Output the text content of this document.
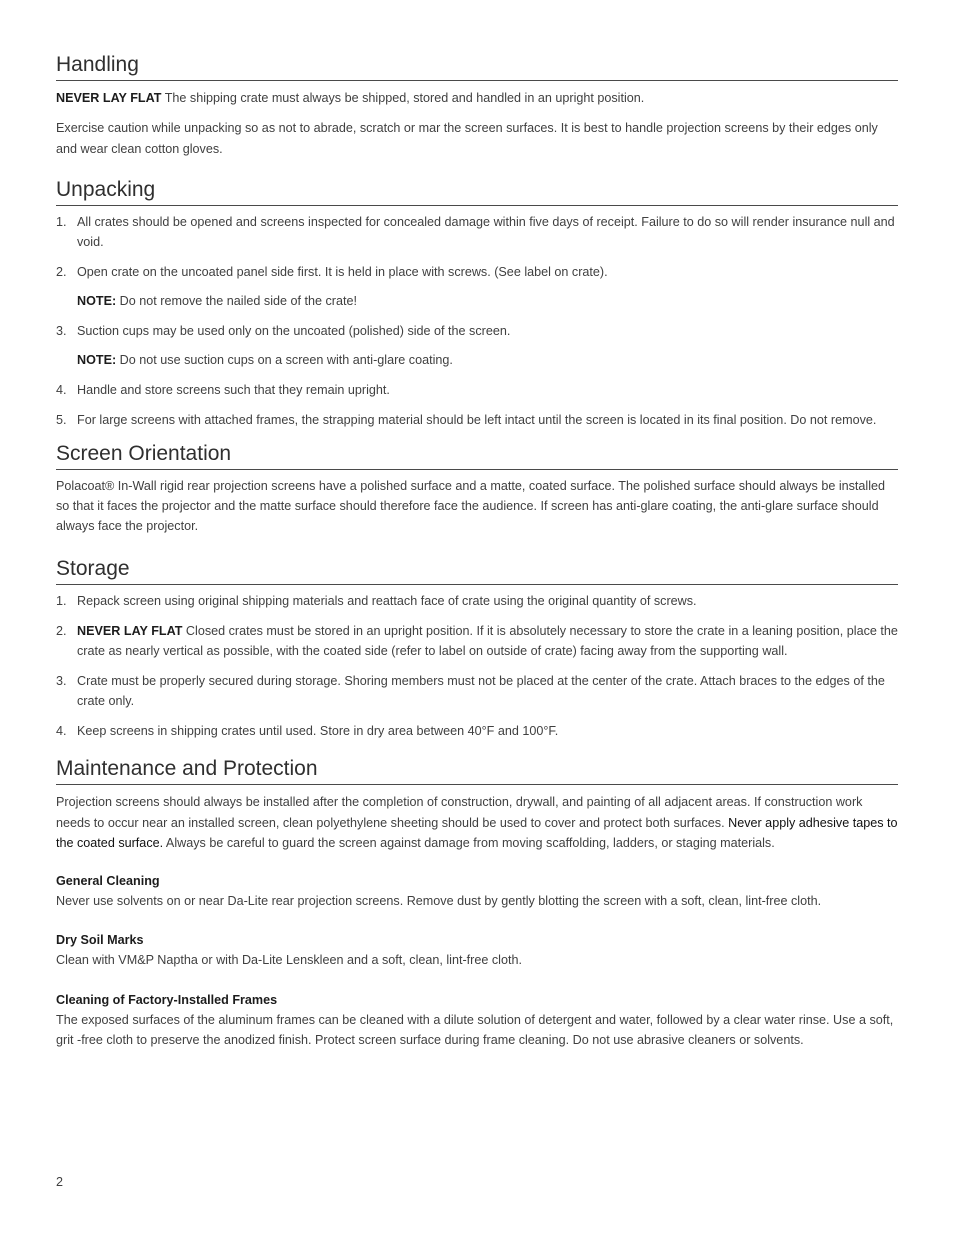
Handling

NEVER LAY FLAT The shipping crate must always be shipped, stored and handled in an upright position.

Exercise caution while unpacking so as not to abrade, scratch or mar the screen surfaces. It is best to handle projection screens by their edges only and wear clean cotton gloves.

Unpacking
1. All crates should be opened and screens inspected for concealed damage within five days of receipt. Failure to do so will render insurance null and void.
2. Open crate on the uncoated panel side first. It is held in place with screws. (See label on crate).

NOTE: Do not remove the nailed side of the crate!

3. Suction cups may be used only on the uncoated (polished) side of the screen.

NOTE: Do not use suction cups on a screen with anti-glare coating.

4. Handle and store screens such that they remain upright.
5. For large screens with attached frames, the strapping material should be left intact until the screen is located in its final position. Do not remove.
Screen Orientation

Polacoat® In-Wall rigid rear projection screens have a polished surface and a matte, coated surface. The polished surface should always be installed so that it faces the projector and the matte surface should therefore face the audience. If screen has anti-glare coating, the anti-glare surface should always face the projector.

Storage
1. Repack screen using original shipping materials and reattach face of crate using the original quantity of screws.
2. NEVER LAY FLAT Closed crates must be stored in an upright position. If it is absolutely necessary to store the crate in a leaning position, place the crate as nearly vertical as possible, with the coated side (refer to label on outside of crate) facing away from the supporting wall.
3. Crate must be properly secured during storage. Shoring members must not be placed at the center of the crate. Attach braces to the edges of the crate only.
4. Keep screens in shipping crates until used. Store in dry area between 40°F and 100°F.
Maintenance and Protection

Projection screens should always be installed after the completion of construction, drywall, and painting of all adjacent areas. If construction work needs to occur near an installed screen, clean polyethylene sheeting should be used to cover and protect both surfaces. Never apply adhesive tapes to the coated surface. Always be careful to guard the screen against damage from moving scaffolding, ladders, or staging materials.

General Cleaning

Never use solvents on or near Da-Lite rear projection screens. Remove dust by gently blotting the screen with a soft, clean, lint-free cloth.

Dry Soil Marks

Clean with VM&P Naptha or with Da-Lite Lenskleen and a soft, clean, lint-free cloth.

Cleaning of Factory-Installed Frames

The exposed surfaces of the aluminum frames can be cleaned with a dilute solution of detergent and water, followed by a clear water rinse. Use a soft, grit -free cloth to preserve the anodized finish. Protect screen surface during frame cleaning. Do not use abrasive cleaners or solvents.

2
